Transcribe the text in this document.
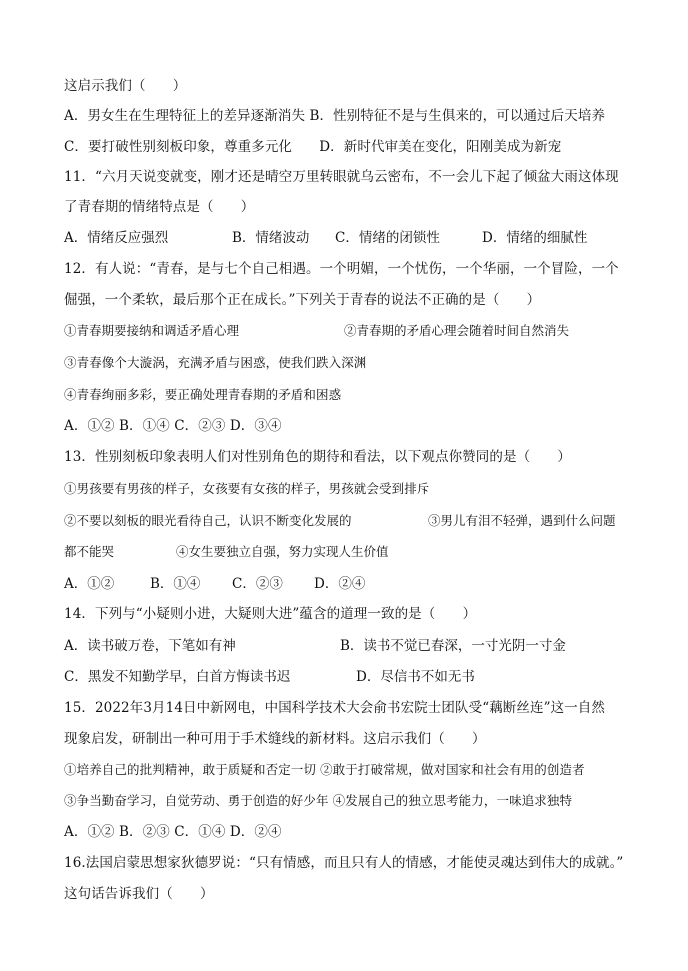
这启示我们（　　）
A．男女生在生理特征上的差异逐渐消失 B．性别特征不是与生俱来的，可以通过后天培养
C．要打破性别刻板印象，尊重多元化　　D．新时代审美在变化，阳刚美成为新宠
11．“六月天说变就变，刚才还是晴空万里转眼就乌云密布，不一会儿下起了倾盆大雨这体现
了青春期的情绪特点是（　　）
A．情绪反应强烈	B．情绪波动 C．情绪的闭锁性	D．情绪的细腻性
12．有人说：“青春，是与七个自己相遇。一个明媚，一个忧伤，一个华丽，一个冒险，一个
倔强，一个柔软，最后那个正在成长。”下列关于青春的说法不正确的是（　　）
①青春期要接纳和调适矛盾心理	②青春期的矛盾心理会随着时间自然消失
③青春像个大漩涡，充满矛盾与困惑，使我们跌入深渊
④青春绚丽多彩，要正确处理青春期的矛盾和困惑
A．①② B．①④ C．②③ D．③④
13．性别刻板印象表明人们对性别角色的期待和看法，以下观点你赞同的是（　　）
①男孩要有男孩的样子，女孩要有女孩的样子，男孩就会受到排斥
②不要以刻板的眼光看待自己，认识不断变化发展的	③男儿有泪不轻弹，遇到什么问题
都不能哭	④女生要独立自强，努力实现人生价值
A．①②	B．①④ C．②③ D．②④
14．下列与“小疑则小进，大疑则大进”蕴含的道理一致的是（　　）
A．读书破万卷，下笔如有神	B．读书不觉已春深，一寸光阴一寸金
C．黑发不知勤学早，白首方悔读书迟	D．尽信书不如无书
15．2022年3月14日中新网电，中国科学技术大会俞书宏院士团队受“藕断丝连”这一自然
现象启发，研制出一种可用于手术缝线的新材料。这启示我们（　　）
①培养自己的批判精神，敢于质疑和否定一切 ②敢于打破常规，做对国家和社会有用的创造者
③争当勤奋学习，自觉劳动、勇于创造的好少年 ④发展自己的独立思考能力，一味追求独特
A．①② B．②③ C．①④ D．②④
16.法国启蒙思想家狄德罗说：“只有情感，而且只有人的情感，才能使灵魂达到伟大的成就。”
这句话告诉我们（　　）
